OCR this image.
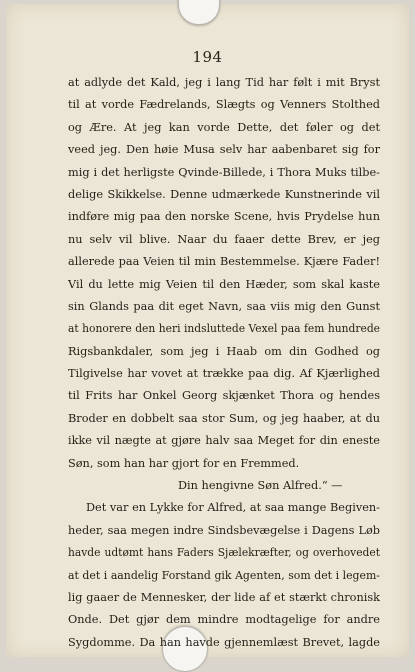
194
at adlyde det Kald, jeg i lang Tid har følt i mit Bryst
til at vorde Fædrelands, Slægts og Venners Stolthed
og Ære. At jeg kan vorde Dette, det føler og det
veed jeg. Den høie Musa selv har aabenbaret sig for
mig i det herligste Qvinde-Billede, i Thora Muks tilbe-
delige Skikkelse. Denne udmærkede Kunstnerinde vil
indføre mig paa den norske Scene, hvis Prydelse hun
nu selv vil blive. Naar du faaer dette Brev, er jeg
allerede paa Veien til min Bestemmelse. Kjære Fader!
Vil du lette mig Veien til den Hæder, som skal kaste
sin Glands paa dit eget Navn, saa viis mig den Gunst
at honorere den heri indsluttede Vexel paa fem hundrede
Rigsbankdaler, som jeg i Haab om din Godhed og
Tilgivelse har vovet at trække paa dig. Af Kjærlighed
til Frits har Onkel Georg skjænket Thora og hendes
Broder en dobbelt saa stor Sum, og jeg haaber, at du
ikke vil nægte at gjøre halv saa Meget for din eneste
Søn, som han har gjort for en Fremmed.
Din hengivne Søn Alfred.“ —
Det var en Lykke for Alfred, at saa mange Begiven-
heder, saa megen indre Sindsbevægelse i Dagens Løb
havde udtømt hans Faders Sjælekræfter, og overhovedet
at det i aandelig Forstand gik Agenten, som det i legem-
lig gaaer de Mennesker, der lide af et stærkt chronisk
Onde. Det gjør dem mindre modtagelige for andre
Sygdomme. Da han havde gjennemlæst Brevet, lagde
